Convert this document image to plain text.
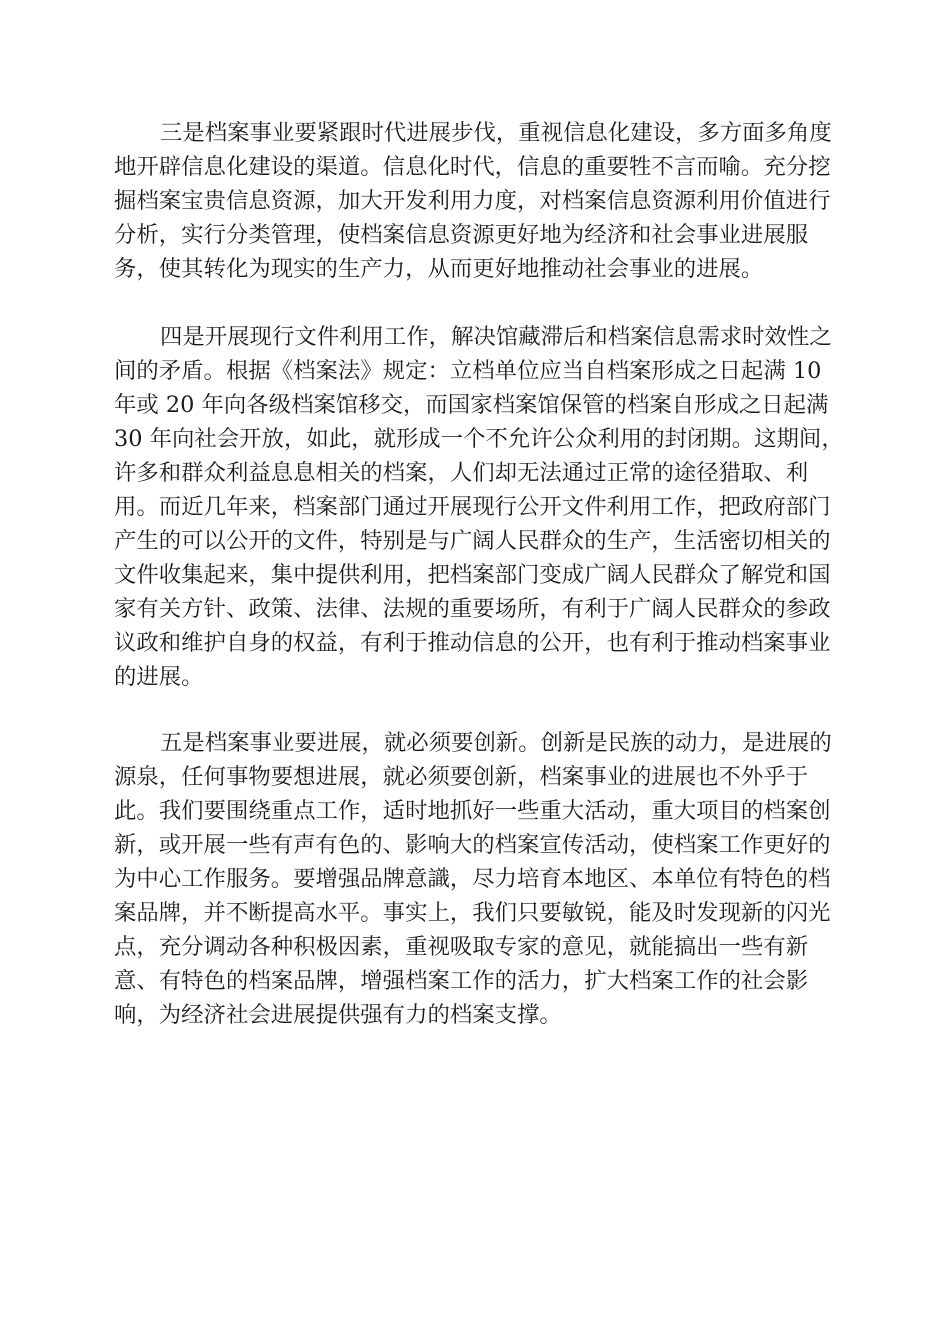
三是档案事业要紧跟时代进展步伐，重视信息化建设，多方面多角度

地开辟信息化建设的渠道。信息化时代，信息的重要牲不言而喻。充分挖

掘档案宝贵信息资源，加大开发利用力度，对档案信息资源利用价值进行

分析，实行分类管理，使档案信息资源更好地为经济和社会事业进展服

务，使其转化为现实的生产力，从而更好地推动社会事业的进展。

四是开展现行文件利用工作，解决馆藏滞后和档案信息需求时效性之

间的矛盾。根据《档案法》规定：立档单位应当自档案形成之日起满 10

年或 20 年向各级档案馆移交，而国家档案馆保管的档案自形成之日起满

30 年向社会开放，如此，就形成一个不允许公众利用的封闭期。这期间，

许多和群众利益息息相关的档案，人们却无法通过正常的途径猎取、利

用。而近几年来，档案部门通过开展现行公开文件利用工作，把政府部门

产生的可以公开的文件，特别是与广阔人民群众的生产，生活密切相关的

文件收集起来，集中提供利用，把档案部门变成广阔人民群众了解党和国

家有关方针、政策、法律、法规的重要场所，有利于广阔人民群众的参政

议政和维护自身的权益，有利于推动信息的公开，也有利于推动档案事业

的进展。

五是档案事业要进展，就必须要创新。创新是民族的动力，是进展的

源泉，任何事物要想进展，就必须要创新，档案事业的进展也不外乎于

此。我们要围绕重点工作，适时地抓好一些重大活动，重大项目的档案创

新，或开展一些有声有色的、影响大的档案宣传活动，使档案工作更好的

为中心工作服务。要增强品牌意識，尽力培育本地区、本单位有特色的档

案品牌，并不断提高水平。事实上，我们只要敏锐，能及时发现新的闪光

点，充分调动各种积极因素，重视吸取专家的意见，就能搞出一些有新

意、有特色的档案品牌，增强档案工作的活力，扩大档案工作的社会影

响，为经济社会进展提供强有力的档案支撑。
